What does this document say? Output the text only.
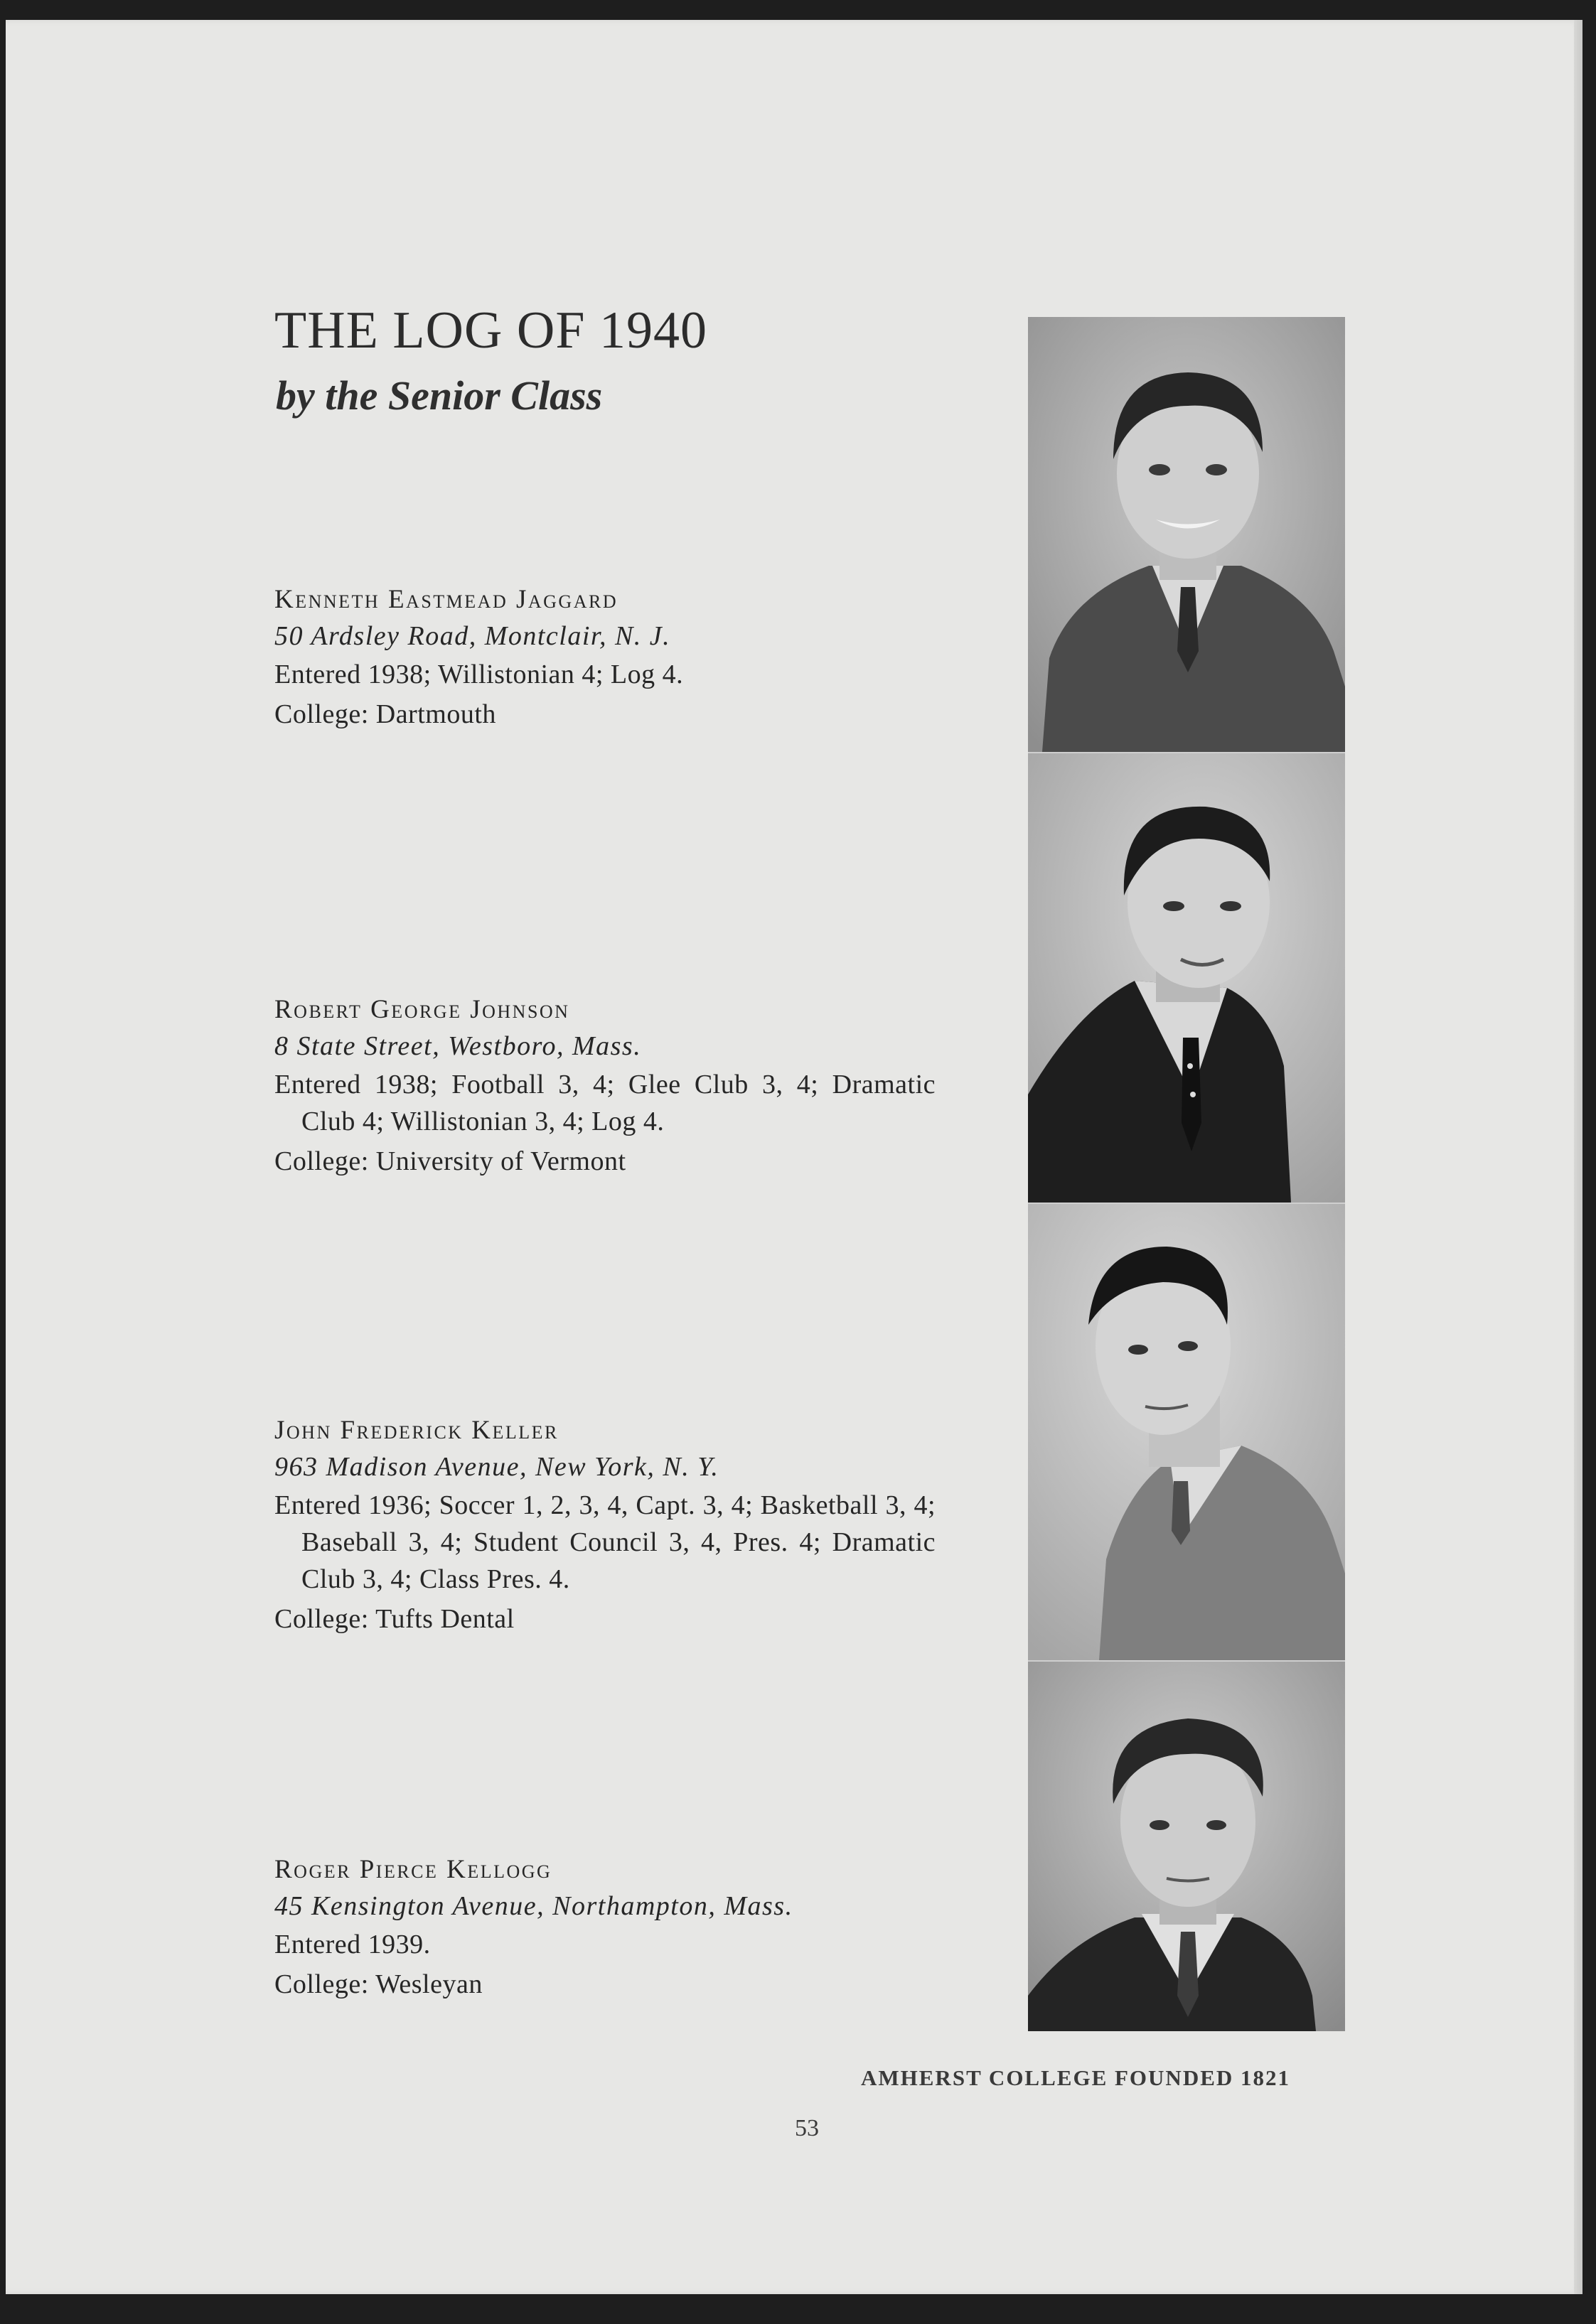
THE LOG OF 1940
by the Senior Class
Kenneth Eastmead Jaggard
50 Ardsley Road, Montclair, N. J.
Entered 1938; Willistonian 4; Log 4.
College: Dartmouth
Robert George Johnson
8 State Street, Westboro, Mass.
Entered 1938; Football 3, 4; Glee Club 3, 4; Dramatic Club 4; Willistonian 3, 4; Log 4.
College: University of Vermont
John Frederick Keller
963 Madison Avenue, New York, N. Y.
Entered 1936; Soccer 1, 2, 3, 4, Capt. 3, 4; Basketball 3, 4; Baseball 3, 4; Student Council 3, 4, Pres. 4; Dramatic Club 3, 4; Class Pres. 4.
College: Tufts Dental
Roger Pierce Kellogg
45 Kensington Avenue, Northampton, Mass.
Entered 1939.
College: Wesleyan
AMHERST COLLEGE FOUNDED 1821
53
